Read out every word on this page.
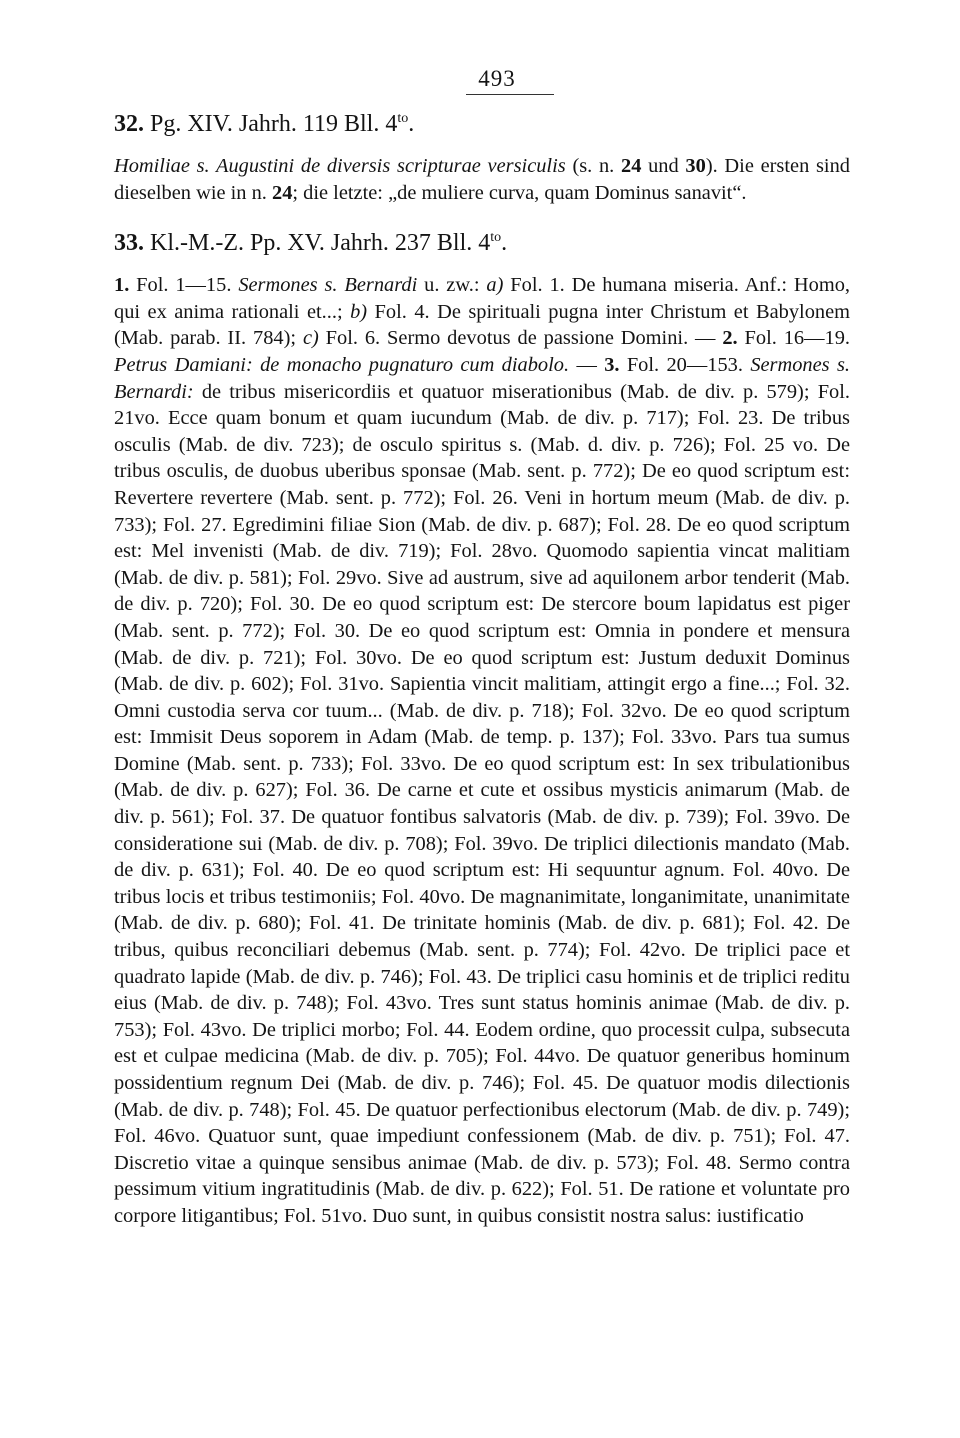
493
32. Pg. XIV. Jahrh. 119 Bll. $4^{to}$.

Homiliae s. Augustini de diversis scripturae versiculis (s. n. 24 und 30). Die ersten sind dieselben wie in n. 24; die letzte: „de muliere curva, quam Dominus sanavit“.

33. Kl.-M.-Z. Pp. XV. Jahrh. 237 Bll. $4^{to}$.

1. Fol. 1—15. Sermones s. Bernardi u. zw.: a) Fol. 1. De humana miseria. Anf.: Homo, qui ex anima rationali et...; b) Fol. 4. De spirituali pugna inter Christum et Babylonem (Mab. parab. II. 784); c) Fol. 6. Sermo devotus de passione Domini. — 2. Fol. 16—19. Petrus Damiani: de monacho pugnaturo cum diabolo. — 3. Fol. 20—153. Sermones s. Bernardi: de tribus misericordiis et quatuor miserationibus (Mab. de div. p. 579); Fol. 21vo. Ecce quam bonum et quam iucundum (Mab. de div. p. 717); Fol. 23. De tribus osculis (Mab. de div. 723); de osculo spiritus s. (Mab. d. div. p. 726); Fol. 25 vo. De tribus osculis, de duobus uberibus sponsae (Mab. sent. p. 772); De eo quod scriptum est: Revertere revertere (Mab. sent. p. 772); Fol. 26. Veni in hortum meum (Mab. de div. p. 733); Fol. 27. Egredimini filiae Sion (Mab. de div. p. 687); Fol. 28. De eo quod scriptum est: Mel invenisti (Mab. de div. 719); Fol. 28vo. Quomodo sapientia vincat malitiam (Mab. de div. p. 581); Fol. 29vo. Sive ad austrum, sive ad aquilonem arbor tenderit (Mab. de div. p. 720); Fol. 30. De eo quod scriptum est: De stercore boum lapidatus est piger (Mab. sent. p. 772); Fol. 30. De eo quod scriptum est: Omnia in pondere et mensura (Mab. de div. p. 721); Fol. 30vo. De eo quod scriptum est: Justum deduxit Dominus (Mab. de div. p. 602); Fol. 31vo. Sapientia vincit malitiam, attingit ergo a fine...; Fol. 32. Omni custodia serva cor tuum... (Mab. de div. p. 718); Fol. 32vo. De eo quod scriptum est: Immisit Deus soporem in Adam (Mab. de temp. p. 137); Fol. 33vo. Pars tua sumus Domine (Mab. sent. p. 733); Fol. 33vo. De eo quod scriptum est: In sex tribulationibus (Mab. de div. p. 627); Fol. 36. De carne et cute et ossibus mysticis animarum (Mab. de div. p. 561); Fol. 37. De quatuor fontibus salvatoris (Mab. de div. p. 739); Fol. 39vo. De consideratione sui (Mab. de div. p. 708); Fol. 39vo. De triplici dilectionis mandato (Mab. de div. p. 631); Fol. 40. De eo quod scriptum est: Hi sequuntur agnum. Fol. 40vo. De tribus locis et tribus testimoniis; Fol. 40vo. De magnanimitate, longanimitate, unanimitate (Mab. de div. p. 680); Fol. 41. De trinitate hominis (Mab. de div. p. 681); Fol. 42. De tribus, quibus reconciliari debemus (Mab. sent. p. 774); Fol. 42vo. De triplici pace et quadrato lapide (Mab. de div. p. 746); Fol. 43. De triplici casu hominis et de triplici reditu eius (Mab. de div. p. 748); Fol. 43vo. Tres sunt status hominis animae (Mab. de div. p. 753); Fol. 43vo. De triplici morbo; Fol. 44. Eodem ordine, quo processit culpa, subsecuta est et culpae medicina (Mab. de div. p. 705); Fol. 44vo. De quatuor generibus hominum possidentium regnum Dei (Mab. de div. p. 746); Fol. 45. De quatuor modis dilectionis (Mab. de div. p. 748); Fol. 45. De quatuor perfectionibus electorum (Mab. de div. p. 749); Fol. 46vo. Quatuor sunt, quae impediunt confessionem (Mab. de div. p. 751); Fol. 47. Discretio vitae a quinque sensibus animae (Mab. de div. p. 573); Fol. 48. Sermo contra pessimum vitium ingratitudinis (Mab. de div. p. 622); Fol. 51. De ratione et voluntate pro corpore litigantibus; Fol. 51vo. Duo sunt, in quibus consistit nostra salus: iustificatio
